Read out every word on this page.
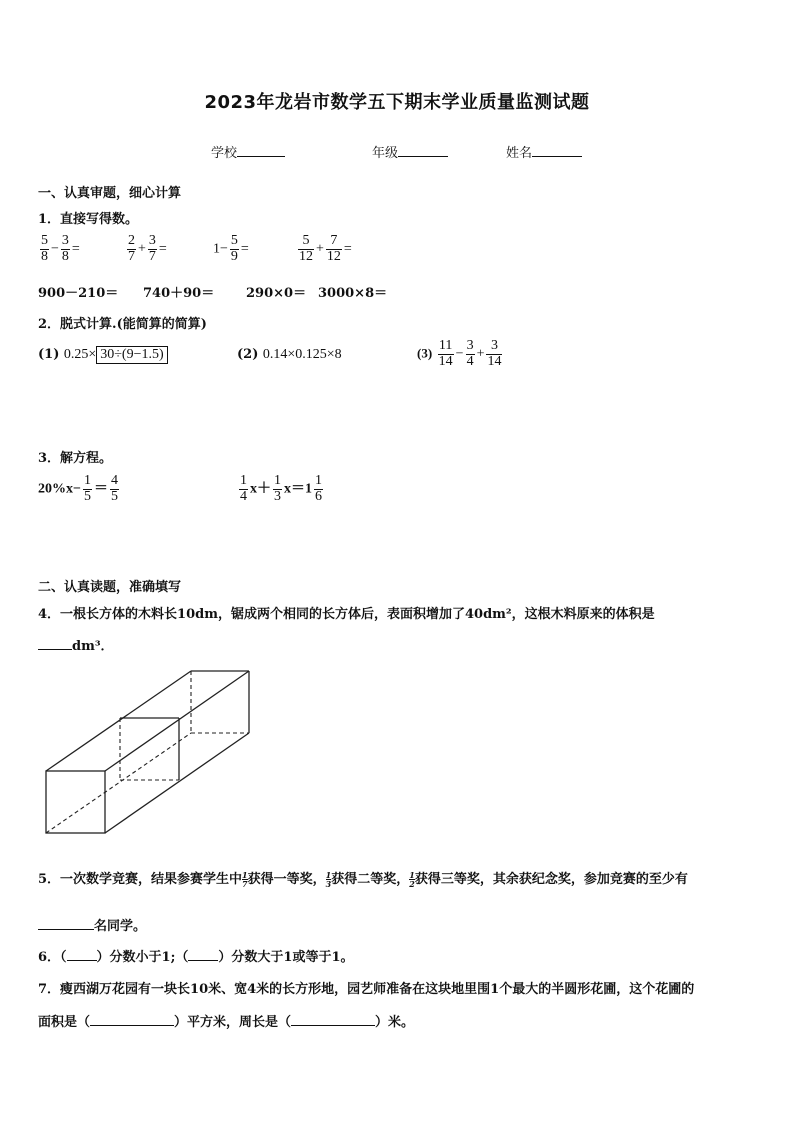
2023年龙岩市数学五下期末学业质量监测试题
学校	年级	姓名
一、认真审题，细心计算
1．直接写得数。
$\frac{5}{8} - \frac{3}{8}$ =	$\frac{2}{7} + \frac{3}{7}$ =	$1- \frac{5}{9}$ =	$\frac{5}{12} + \frac{7}{12}$ =
900－210＝ 740＋90＝ 290×0＝ 3000×8＝
2．脱式计算.(能简算的简算)
(1) 0.25× 30÷(9−1.5)	(2) 0.14×0.125×8	$(3) \frac{11}{14} - \frac{3}{4} + \frac{3}{14}$
3．解方程。
$20\%x- \frac{1}{5} = \frac{4}{5}$	$\frac{1}{4} x+ \frac{1}{3} x=1 \frac{1}{6}$
二、认真读题，准确填写
4．一根长方体的木料长10dm，锯成两个相同的长方体后，表面积增加了40dm²，这根木料原来的体积是
dm³．
5．一次数学竞赛，结果参赛学生中 $\frac{1}{7}$ 获得一等奖， $\frac{1}{3}$ 获得二等奖， $\frac{1}{2}$ 获得三等奖，其余获纪念奖，参加竞赛的至少有
名同学。
6．（ ）分数小于1;（ ）分数大于1或等于1。
7．瘦西湖万花园有一块长10米、宽4米的长方形地，园艺师准备在这块地里围1个最大的半圆形花圃，这个花圃的
面积是（	）平方米，周长是（	）米。
